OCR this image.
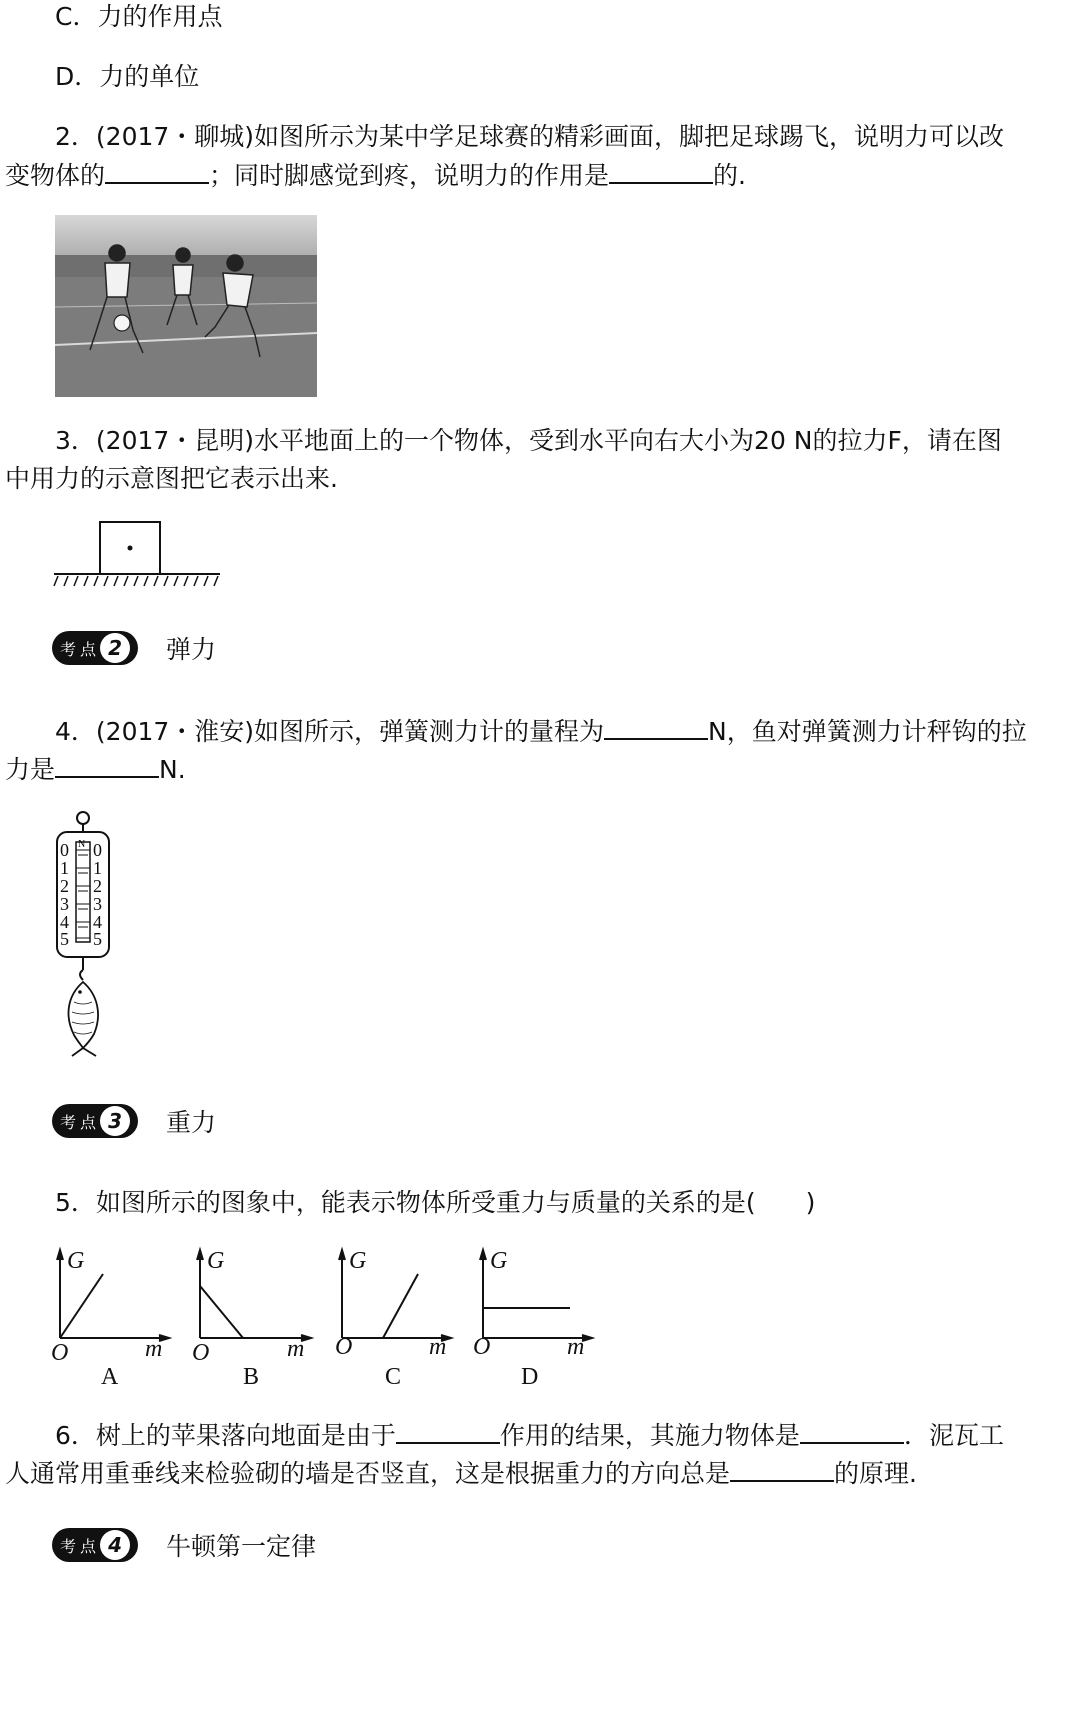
C．力的作用点
D．力的单位
2．(2017・聊城)如图所示为某中学足球赛的精彩画面，脚把足球踢飞，说明力可以改
变物体的	；同时脚感觉到疼，说明力的作用是	的.
3．(2017・昆明)水平地面上的一个物体，受到水平向右大小为20 N的拉力F，请在图
中用力的示意图把它表示出来.
考 点 2	弹力
4．(2017・淮安)如图所示，弹簧测力计的量程为	N，鱼对弹簧测力计秤钩的拉
力是	N.
N
0
1
2
3
4
5
0
1
2
3
4
5
考 点 3	重力
5．如图所示的图象中，能表示物体所受重力与质量的关系的是(　　)
G
m
O
G
m
O
G
m
O
G
m
O
A	B	C	D
6．树上的苹果落向地面是由于	作用的结果，其施力物体是	．泥瓦工
人通常用重垂线来检验砌的墙是否竖直，这是根据重力的方向总是	的原理.
考 点 4	牛顿第一定律
